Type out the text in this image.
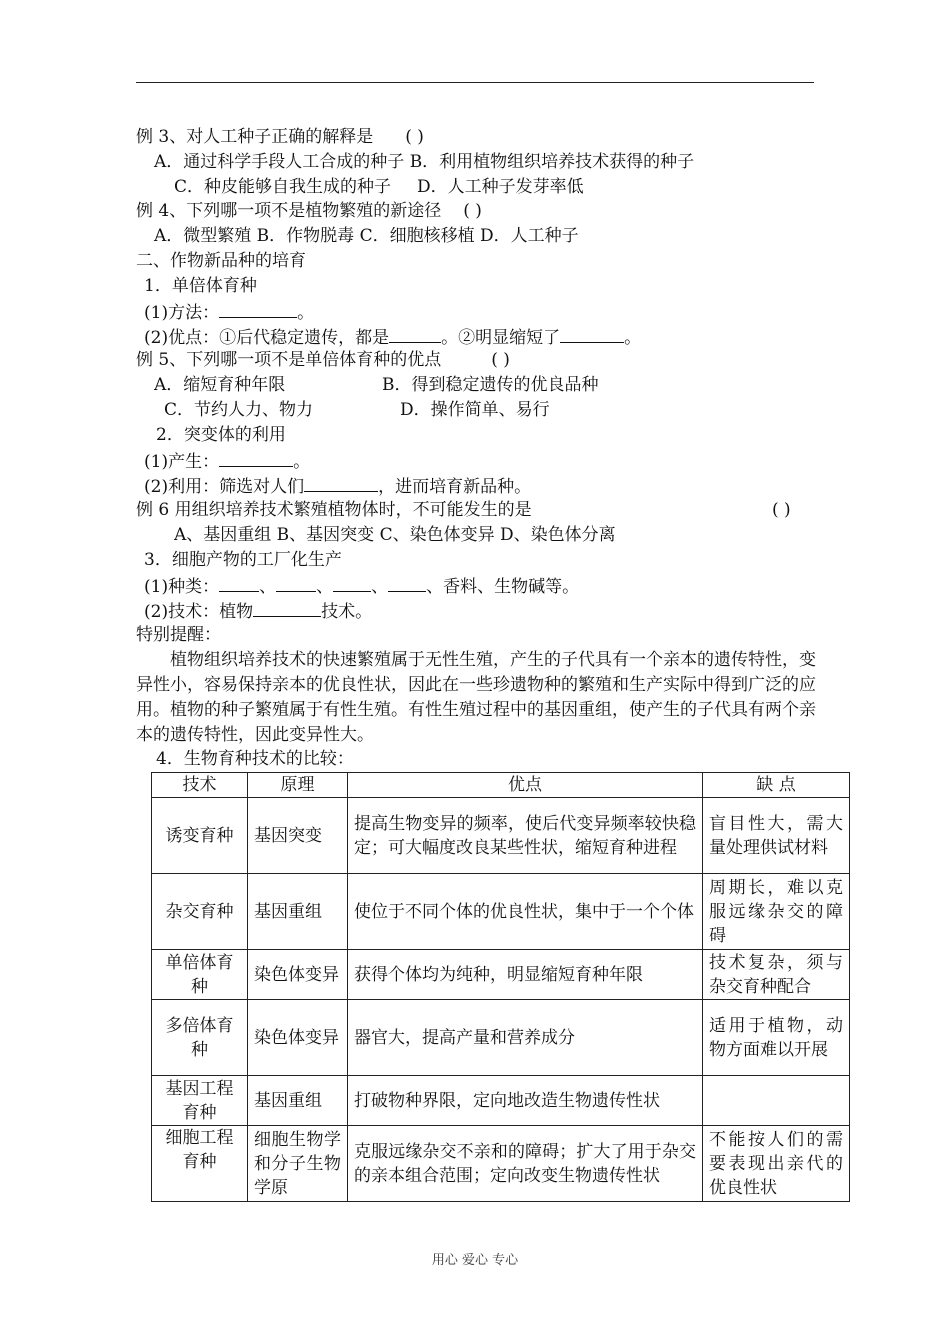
例 3、对人工种子正确的解释是 ( )
A．通过科学手段人工合成的种子 B．利用植物组织培养技术获得的种子
C．种皮能够自我生成的种子 D．人工种子发芽率低
例 4、下列哪一项不是植物繁殖的新途径 ( )
A．微型繁殖 B．作物脱毒 C．细胞核移植 D．人工种子
二、作物新品种的培育
1．单倍体育种
(1)方法：	。
(2)优点：①后代稳定遗传，都是	。②明显缩短了	。
例 5、下列哪一项不是单倍体育种的优点	( )
A．缩短育种年限	B．得到稳定遗传的优良品种
C．节约人力、物力	D．操作简单、易行
2．突变体的利用
(1)产生：	。
(2)利用：筛选对人们	，进而培育新品种。
例 6 用组织培养技术繁殖植物体时，不可能发生的是	( )
A、基因重组 B、基因突变 C、染色体变异 D、染色体分离
3．细胞产物的工厂化生产
(1)种类： 、 、 、 、香料、生物碱等。
(2)技术：植物	技术。
特别提醒：
植物组织培养技术的快速繁殖属于无性生殖，产生的子代具有一个亲本的遗传特性，变异性小，容易保持亲本的优良性状，因此在一些珍遗物种的繁殖和生产实际中得到广泛的应用。植物的种子繁殖属于有性生殖。有性生殖过程中的基因重组，使产生的子代具有两个亲本的遗传特性，因此变异性大。
4．生物育种技术的比较：
技术	原理	优点	缺 点
诱变育种	基因突变	提高生物变异的频率，使后代变异频率较快稳定；可大幅度改良某些性状，缩短育种进程	盲目性大，需大量处理供试材料
杂交育种	基因重组	使位于不同个体的优良性状，集中于一个个体	周期长，难以克服远缘杂交的障碍
单倍体育种	染色体变异	获得个体均为纯种，明显缩短育种年限	技术复杂，须与杂交育种配合
多倍体育种	染色体变异	器官大，提高产量和营养成分	适用于植物，动物方面难以开展
基因工程育种	基因重组	打破物种界限，定向地改造生物遗传性状	
细胞工程育种	细胞生物学和分子生物学原	克服远缘杂交不亲和的障碍；扩大了用于杂交的亲本组合范围；定向改变生物遗传性状	不能按人们的需要表现出亲代的优良性状
用心 爱心 专心
